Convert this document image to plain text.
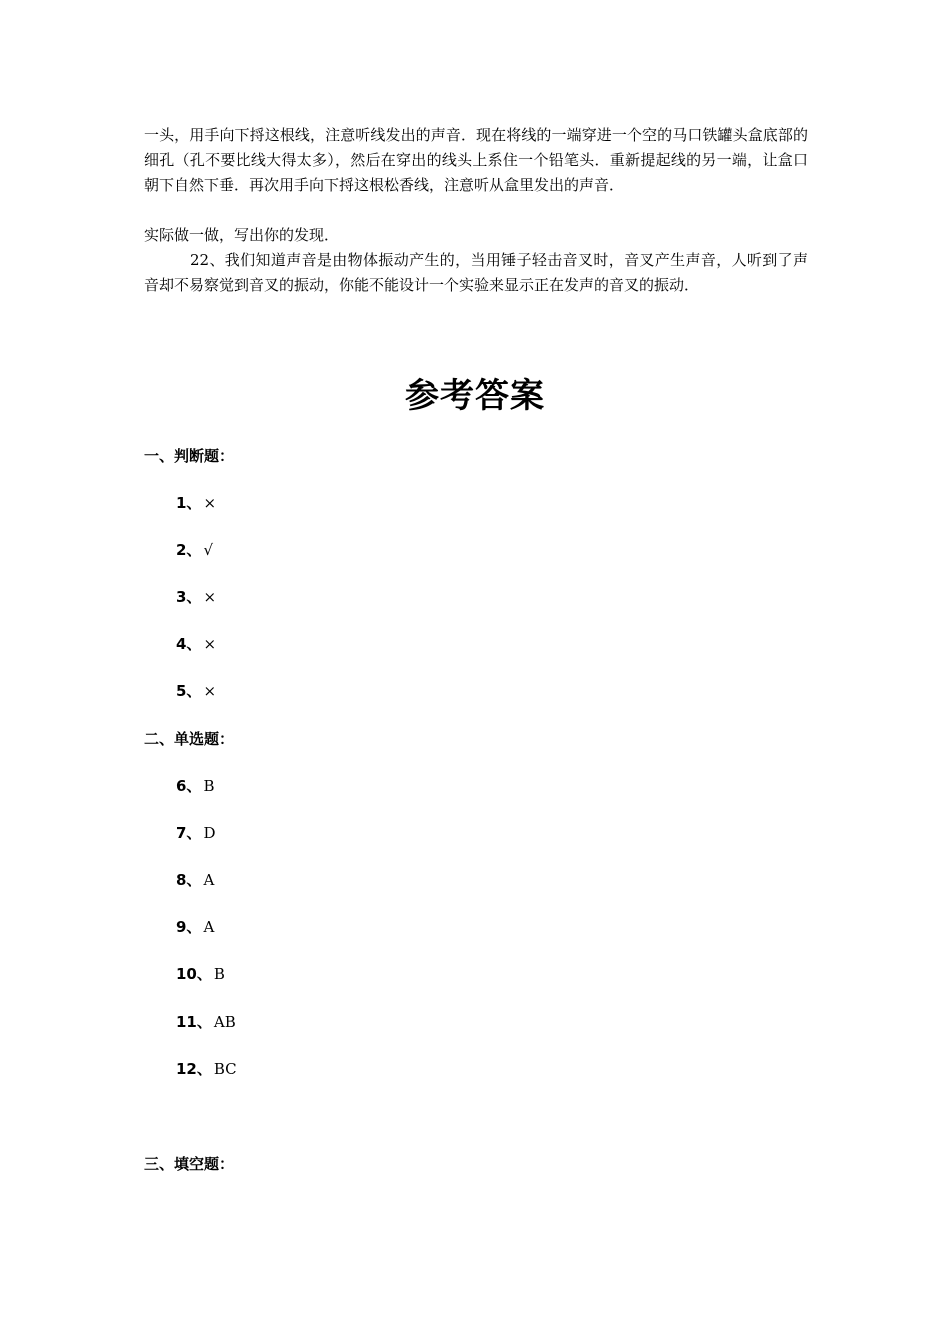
一头，用手向下捋这根线，注意听线发出的声音．现在将线的一端穿进一个空的马口铁罐头盒底部的细孔（孔不要比线大得太多），然后在穿出的线头上系住一个铅笔头．重新提起线的另一端，让盒口朝下自然下垂．再次用手向下捋这根松香线，注意听从盒里发出的声音．

实际做一做，写出你的发现．

22、我们知道声音是由物体振动产生的，当用锤子轻击音叉时，音叉产生声音，人听到了声音却不易察觉到音叉的振动，你能不能设计一个实验来显示正在发声的音叉的振动．

参考答案

一、判断题：

1、 ×

2、 √

3、 ×

4、 ×

5、 ×

二、单选题：

6、 B

7、 D

8、 A

9、 A

10、 B

11、 AB

12、 BC

三、填空题：
